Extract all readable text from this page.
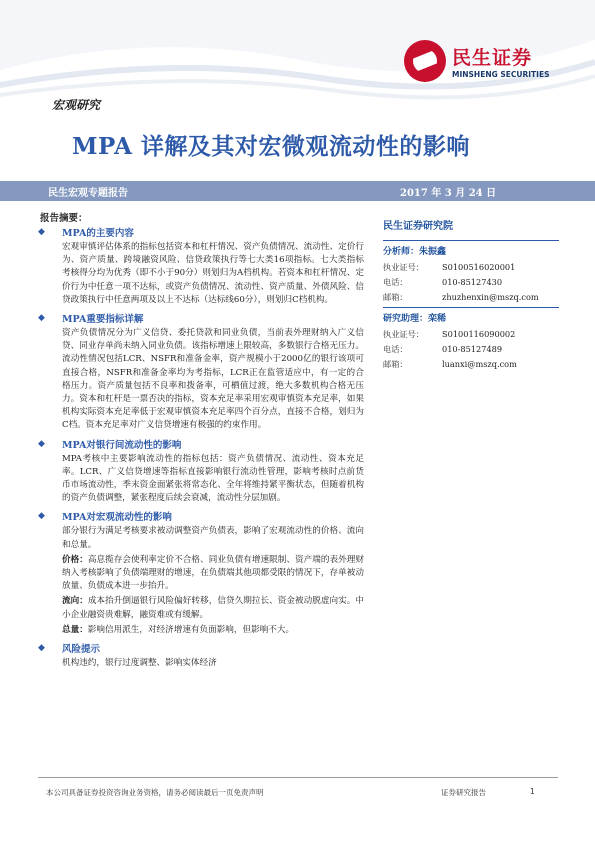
民生证券
MINSHENG SECURITIES
宏观研究
MPA 详解及其对宏微观流动性的影响
民生宏观专题报告	2017 年 3 月 24 日
报告摘要：
◆	MPA的主要内容
宏观审慎评估体系的指标包括资本和杠杆情况、资产负债情况、流动性、定价行为、资产质量、跨境融资风险、信贷政策执行等七大类16项指标。七大类指标考核得分均为优秀（即不小于90分）则划归为A档机构。若资本和杠杆情况、定价行为中任意一项不达标，或资产负债情况、流动性、资产质量、外债风险、信贷政策执行中任意两项及以上不达标（达标线60分），则划归C档机构。
◆	MPA重要指标详解
资产负债情况分为广义信贷、委托贷款和同业负债，当前表外理财纳入广义信贷、同业存单尚未纳入同业负债。该指标增速上限较高，多数银行合格无压力。流动性情况包括LCR、NSFR和准备金率，资产规模小于2000亿的银行该项可直接合格，NSFR和准备金率均为考指标，LCR正在监管适应中，有一定的合格压力。资产质量包括不良率和拨备率，可栖值过渡，绝大多数机构合格无压力。资本和杠杆是一票否决的指标，资本充足率采用宏观审慎资本充足率，如果机构实际资本充足率低于宏观审慎资本充足率四个百分点，直接不合格，划归为C档。资本充足率对广义信贷增速有极强的约束作用。
◆	MPA对银行间流动性的影响
MPA考核中主要影响流动性的指标包括：资产负债情况、流动性、资本充足率。LCR、广义信贷增速等指标直接影响银行流动性管理，影响考核时点前货币市场流动性，季末资金面紧张将常态化、全年将维持紧平衡状态，但随着机构的资产负债调整，紧张程度后续会衰减，流动性分层加剧。
◆	MPA对宏观流动性的影响
部分银行为满足考核要求被动调整资产负债表，影响了宏观流动性的价格、流向和总量。
价格：高息揽存会使利率定价不合格、同业负债有增速限制、资产端的表外理财纳入考核影响了负债端理财的增速，在负债端其他项都受限的情况下，存单被动放量、负债成本进一步抬升。
流向：成本抬升倒逼银行风险偏好转移，信贷久期拉长、资金被动脱虚向实。中小企业融资贵难解，融资难或有缓解。
总量：影响信用派生，对经济增速有负面影响，但影响不大。
◆	风险提示
机构违约，银行过度调整、影响实体经济
民生证券研究院
分析师：朱振鑫
执业证号：	S0100516020001
电话：	010-85127430
邮箱：	zhuzhenxin@mszq.com
研究助理：栾稀
执业证号：	S0100116090002
电话：	010-85127489
邮箱：	luanxi@mszq.com
本公司具备证券投资咨询业务资格，请务必阅读最后一页免责声明	证券研究报告	1
